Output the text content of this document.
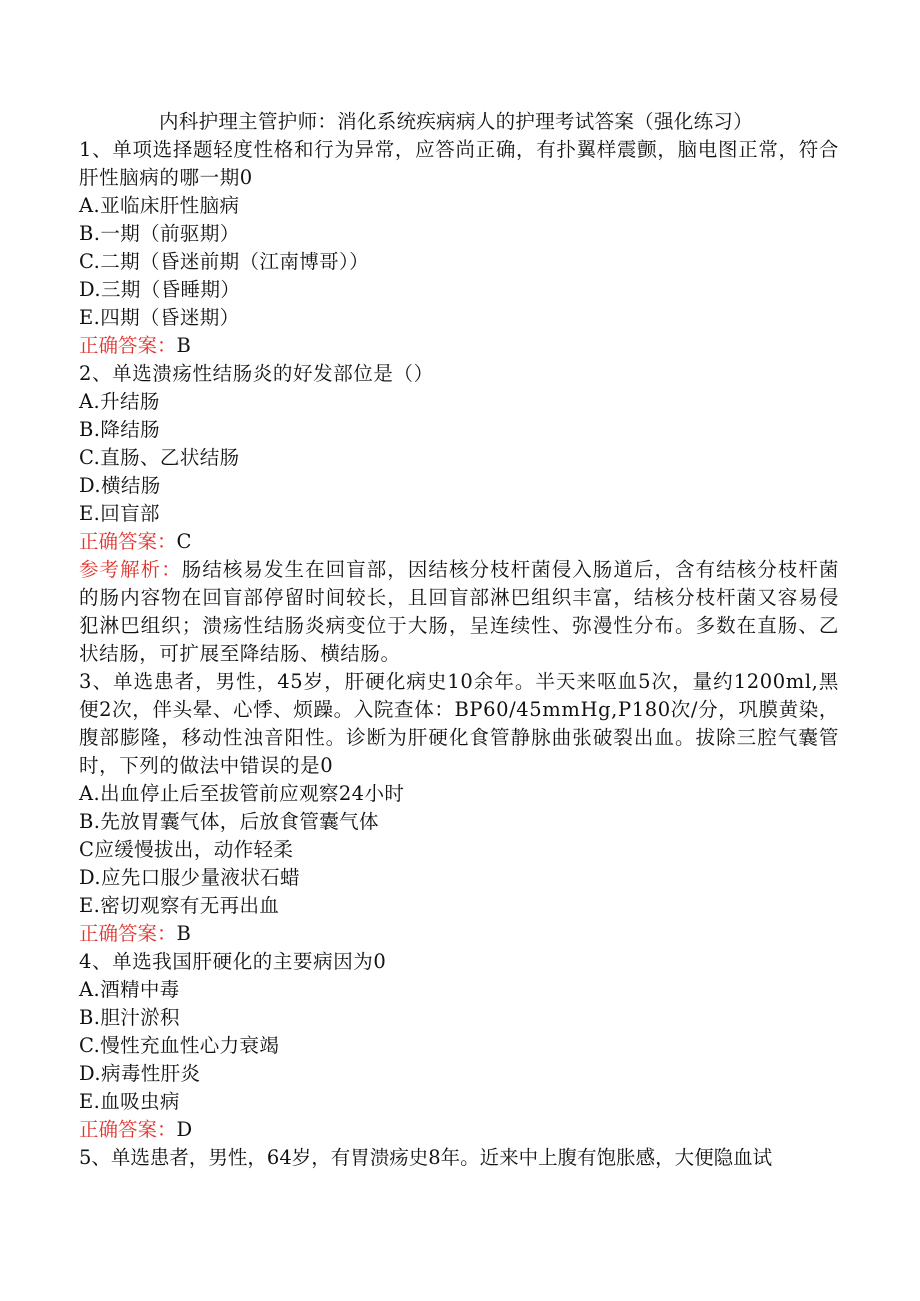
内科护理主管护师：消化系统疾病病人的护理考试答案（强化练习）
1、单项选择题轻度性格和行为异常，应答尚正确，有扑翼样震颤，脑电图正常，符合肝性脑病的哪一期0
A.亚临床肝性脑病
B.一期（前驱期）
C.二期（昏迷前期（江南博哥））
D.三期（昏睡期）
E.四期（昏迷期）
正确答案：B
2、单选溃疡性结肠炎的好发部位是（）
A.升结肠
B.降结肠
C.直肠、乙状结肠
D.横结肠
E.回盲部
正确答案：C
参考解析：肠结核易发生在回盲部，因结核分枝杆菌侵入肠道后，含有结核分枝杆菌的肠内容物在回盲部停留时间较长，且回盲部淋巴组织丰富，结核分枝杆菌又容易侵犯淋巴组织；溃疡性结肠炎病变位于大肠，呈连续性、弥漫性分布。多数在直肠、乙状结肠，可扩展至降结肠、横结肠。
3、单选患者，男性，45岁，肝硬化病史10余年。半天来呕血5次，量约1200ml,黑便2次，伴头晕、心悸、烦躁。入院查体：BP60/45mmHg,P180次/分，巩膜黄染，腹部膨隆，移动性浊音阳性。诊断为肝硬化食管静脉曲张破裂出血。拔除三腔气囊管时，下列的做法中错误的是0
A.出血停止后至拔管前应观察24小时
B.先放胃囊气体，后放食管囊气体
C应缓慢拔出，动作轻柔
D.应先口服少量液状石蜡
E.密切观察有无再出血
正确答案：B
4、单选我国肝硬化的主要病因为0
A.酒精中毒
B.胆汁淤积
C.慢性充血性心力衰竭
D.病毒性肝炎
E.血吸虫病
正确答案：D
5、单选患者，男性，64岁，有胃溃疡史8年。近来中上腹有饱胀感，大便隐血试
